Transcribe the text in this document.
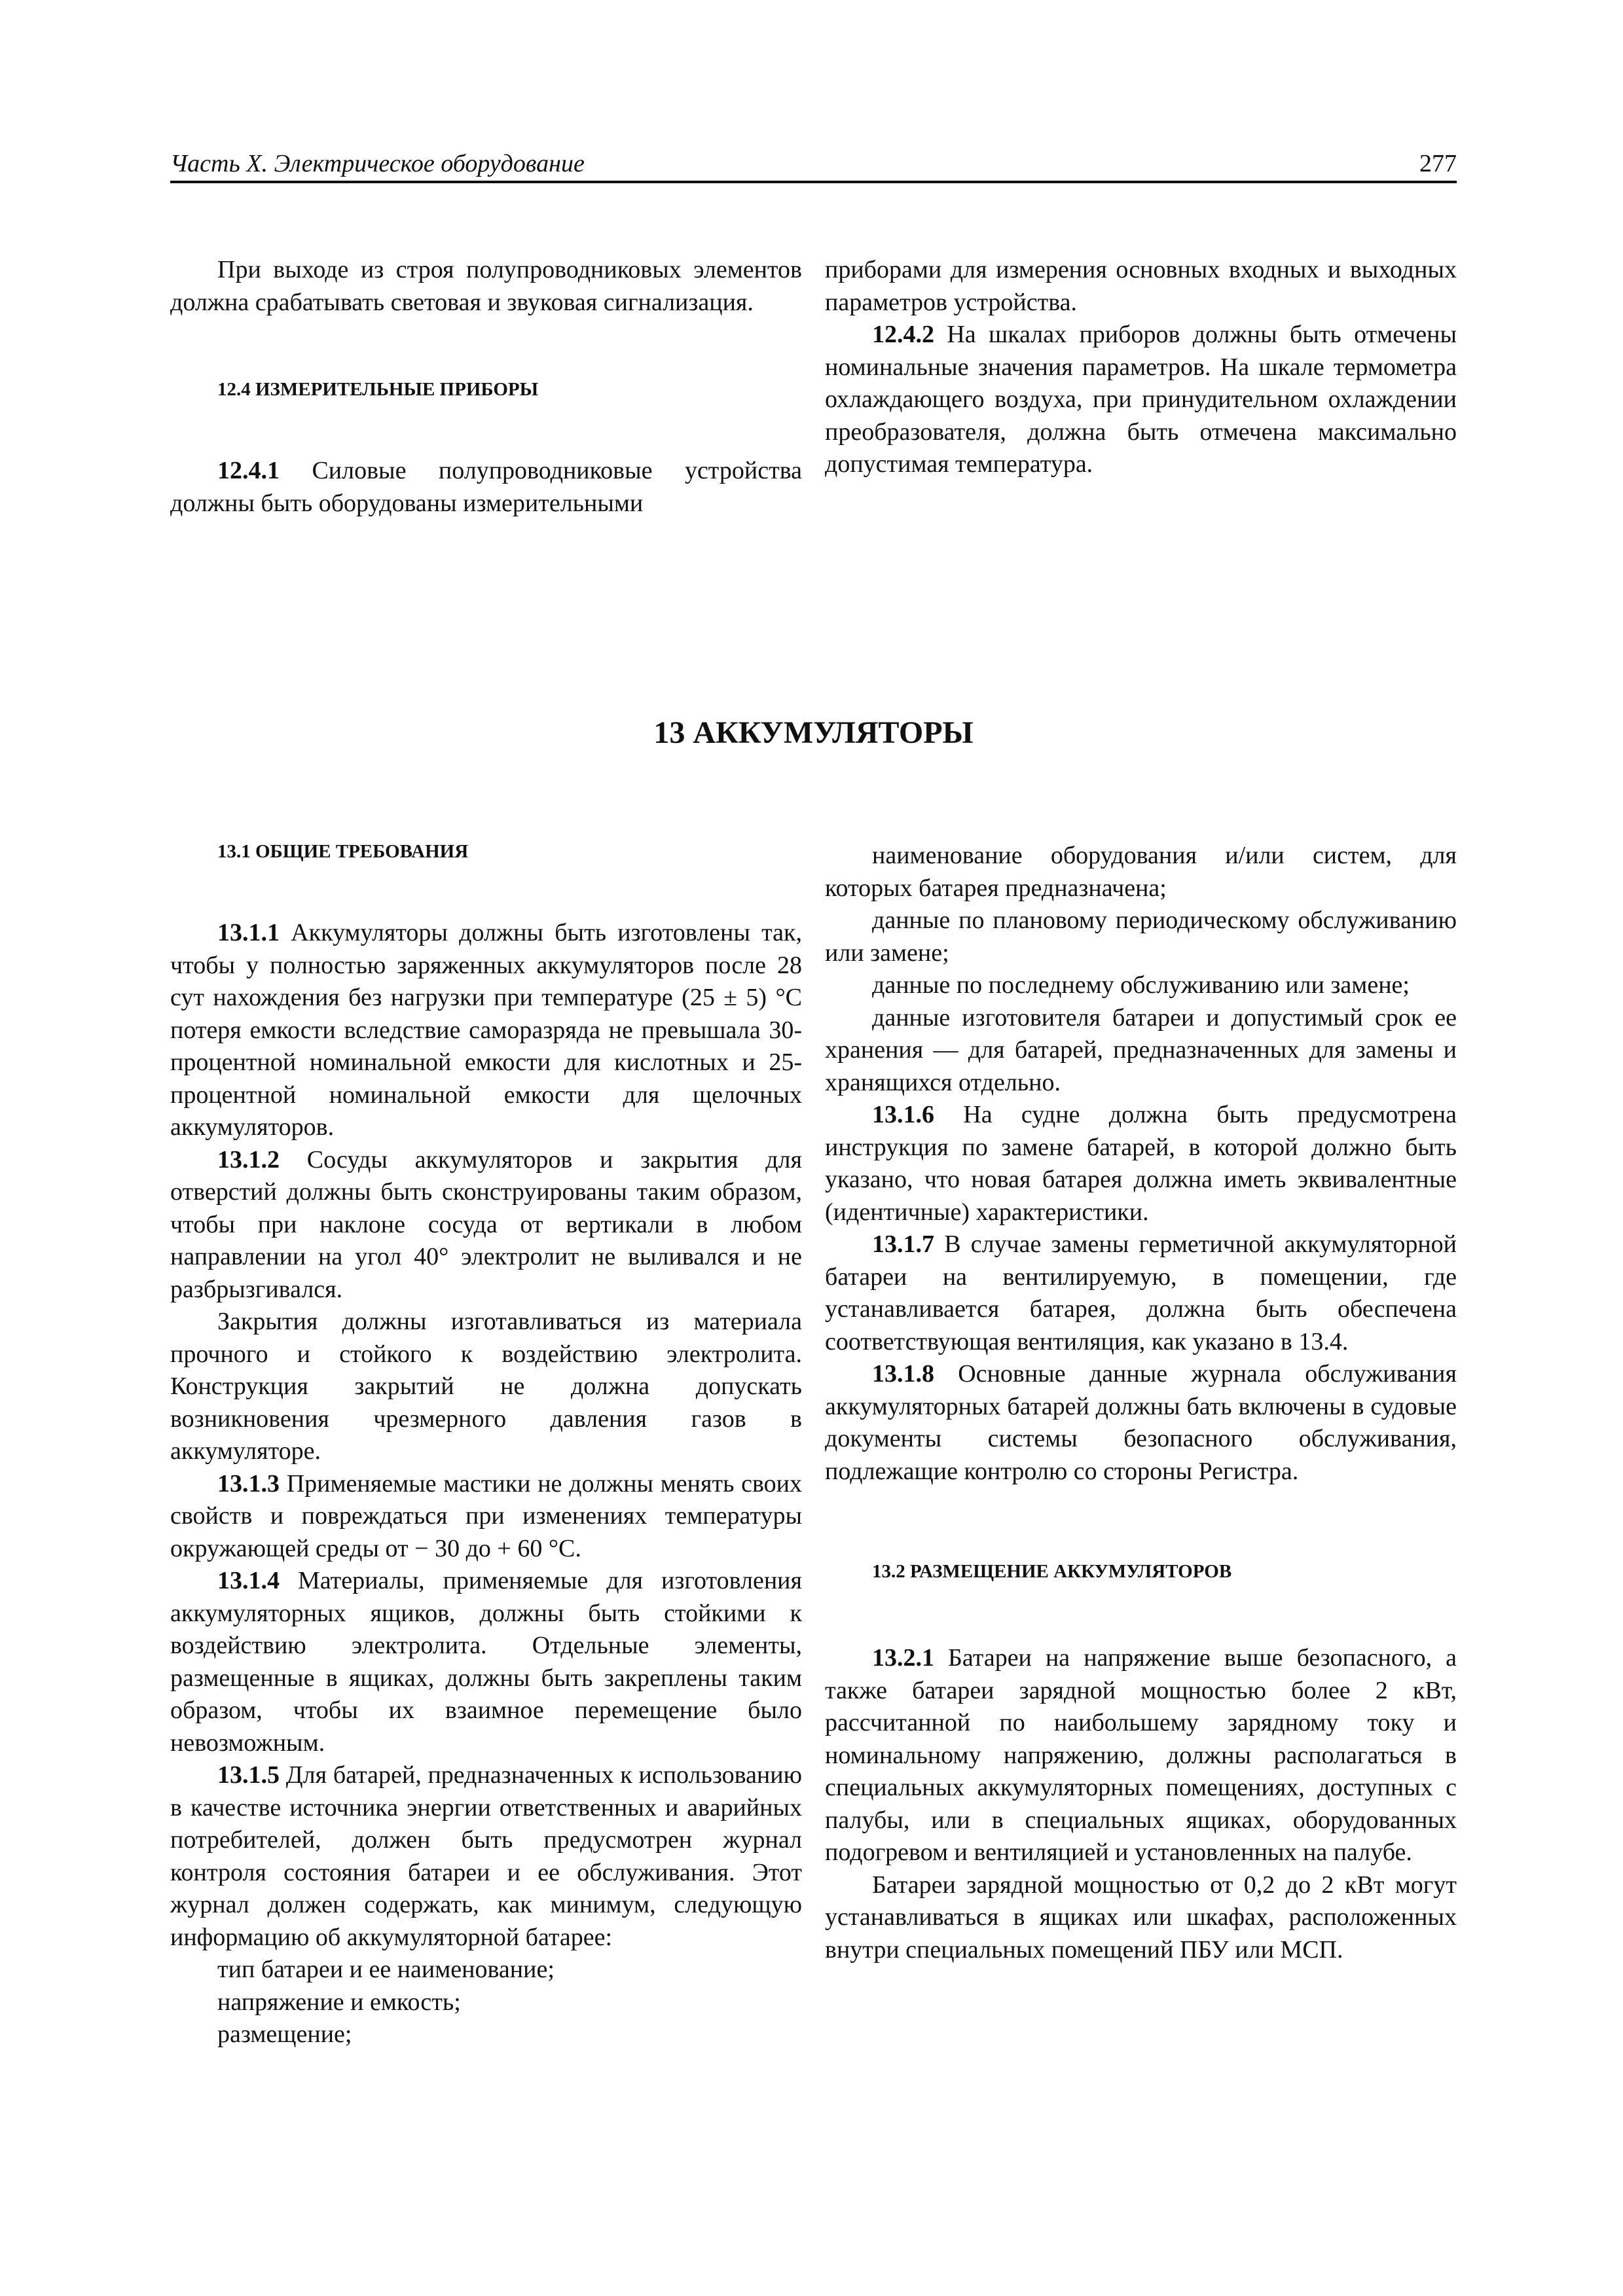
Часть X. Электрическое оборудование	277

При выходе из строя полупроводниковых элементов должна срабатывать световая и звуковая сигнализация.

12.4 ИЗМЕРИТЕЛЬНЫЕ ПРИБОРЫ

12.4.1 Силовые полупроводниковые устройства должны быть оборудованы измерительными

приборами для измерения основных входных и выходных параметров устройства.

12.4.2 На шкалах приборов должны быть отмечены номинальные значения параметров. На шкале термометра охлаждающего воздуха, при принудительном охлаждении преобразователя, должна быть отмечена максимально допустимая температура.

13 АККУМУЛЯТОРЫ

13.1 ОБЩИЕ ТРЕБОВАНИЯ

13.1.1 Аккумуляторы должны быть изготовлены так, чтобы у полностью заряженных аккумуляторов после 28 сут нахождения без нагрузки при температуре (25 ± 5) °C потеря емкости вследствие саморазряда не превышала 30-процентной номинальной емкости для кислотных и 25-процентной номинальной емкости для щелочных аккумуляторов.

13.1.2 Сосуды аккумуляторов и закрытия для отверстий должны быть сконструированы таким образом, чтобы при наклоне сосуда от вертикали в любом направлении на угол 40° электролит не выливался и не разбрызгивался.

Закрытия должны изготавливаться из материала прочного и стойкого к воздействию электролита. Конструкция закрытий не должна допускать возникновения чрезмерного давления газов в аккумуляторе.

13.1.3 Применяемые мастики не должны менять своих свойств и повреждаться при изменениях температуры окружающей среды от − 30 до + 60 °C.

13.1.4 Материалы, применяемые для изготовления аккумуляторных ящиков, должны быть стойкими к воздействию электролита. Отдельные элементы, размещенные в ящиках, должны быть закреплены таким образом, чтобы их взаимное перемещение было невозможным.

13.1.5 Для батарей, предназначенных к использованию в качестве источника энергии ответственных и аварийных потребителей, должен быть предусмотрен журнал контроля состояния батареи и ее обслуживания. Этот журнал должен содержать, как минимум, следующую информацию об аккумуляторной батарее:

тип батареи и ее наименование;

напряжение и емкость;

размещение;

наименование оборудования и/или систем, для которых батарея предназначена;

данные по плановому периодическому обслуживанию или замене;

данные по последнему обслуживанию или замене;

данные изготовителя батареи и допустимый срок ее хранения — для батарей, предназначенных для замены и хранящихся отдельно.

13.1.6 На судне должна быть предусмотрена инструкция по замене батарей, в которой должно быть указано, что новая батарея должна иметь эквивалентные (идентичные) характеристики.

13.1.7 В случае замены герметичной аккумуляторной батареи на вентилируемую, в помещении, где устанавливается батарея, должна быть обеспечена соответствующая вентиляция, как указано в 13.4.

13.1.8 Основные данные журнала обслуживания аккумуляторных батарей должны бать включены в судовые документы системы безопасного обслуживания, подлежащие контролю со стороны Регистра.

13.2 РАЗМЕЩЕНИЕ АККУМУЛЯТОРОВ

13.2.1 Батареи на напряжение выше безопасного, а также батареи зарядной мощностью более 2 кВт, рассчитанной по наибольшему зарядному току и номинальному напряжению, должны располагаться в специальных аккумуляторных помещениях, доступных с палубы, или в специальных ящиках, оборудованных подогревом и вентиляцией и установленных на палубе.

Батареи зарядной мощностью от 0,2 до 2 кВт могут устанавливаться в ящиках или шкафах, расположенных внутри специальных помещений ПБУ или МСП.
